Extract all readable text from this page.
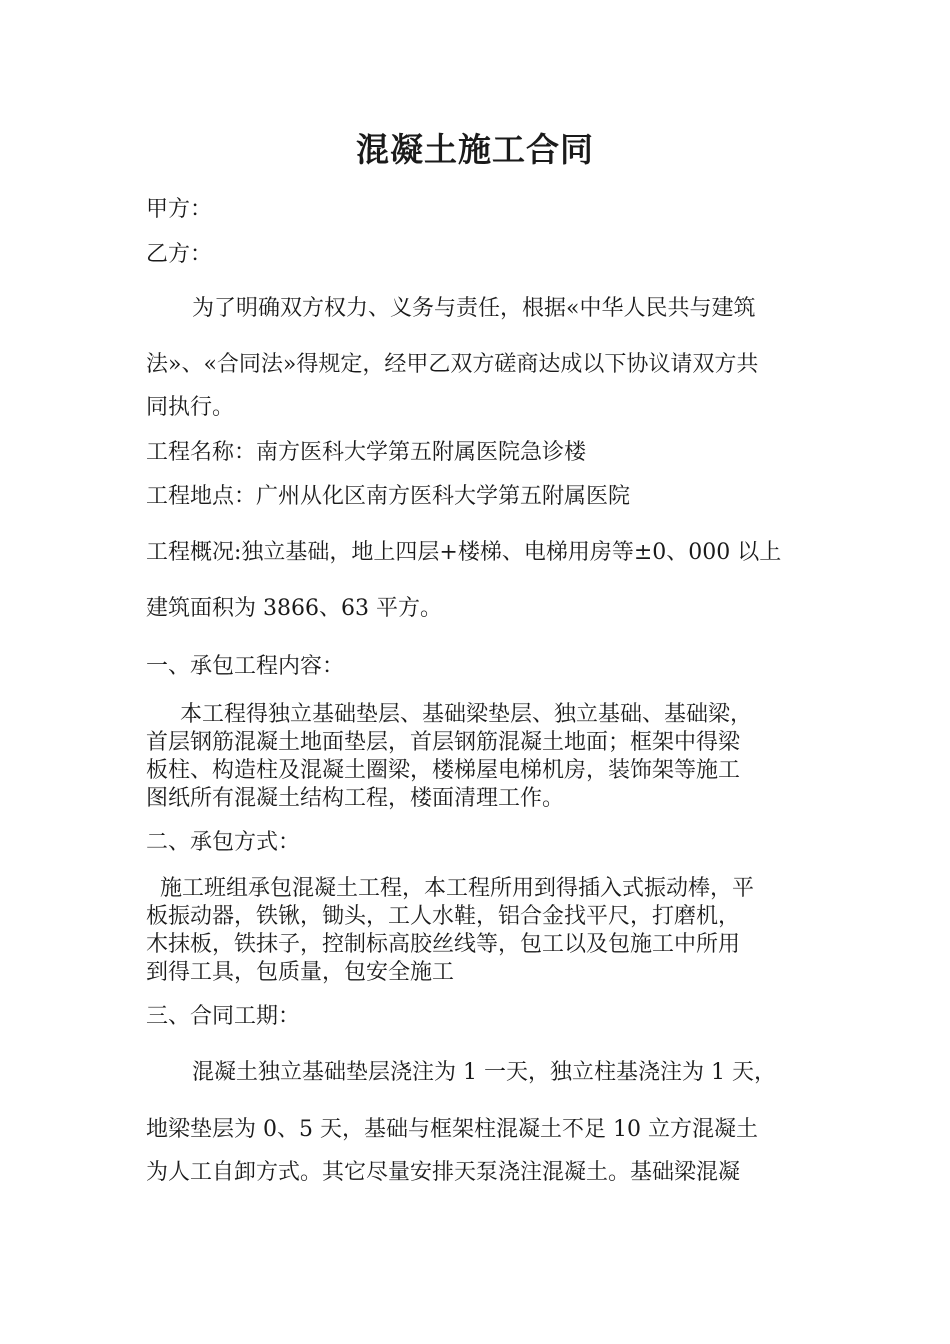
混凝土施工合同
甲方：
乙方：
为了明确双方权力、义务与责任，根据«中华人民共与建筑
法»、«合同法»得规定，经甲乙双方磋商达成以下协议请双方共
同执行。
工程名称：南方医科大学第五附属医院急诊楼
工程地点：广州从化区南方医科大学第五附属医院
工程概况:独立基础，地上四层+楼梯、电梯用房等±0、000 以上
建筑面积为 3866、63 平方。
一、承包工程内容：
本工程得独立基础垫层、基础梁垫层、独立基础、基础梁，
首层钢筋混凝土地面垫层，首层钢筋混凝土地面；框架中得梁
板柱、构造柱及混凝土圈梁，楼梯屋电梯机房，装饰架等施工
图纸所有混凝土结构工程，楼面清理工作。
二、承包方式：
施工班组承包混凝土工程，本工程所用到得插入式振动棒，平
板振动器，铁锹，锄头，工人水鞋，铝合金找平尺，打磨机，
木抹板，铁抹子，控制标高胶丝线等，包工以及包施工中所用
到得工具，包质量，包安全施工
三、合同工期：
混凝土独立基础垫层浇注为 1 一天，独立柱基浇注为 1 天，
地梁垫层为 0、5 天，基础与框架柱混凝土不足 10 立方混凝土
为人工自卸方式。其它尽量安排天泵浇注混凝土。基础梁混凝
